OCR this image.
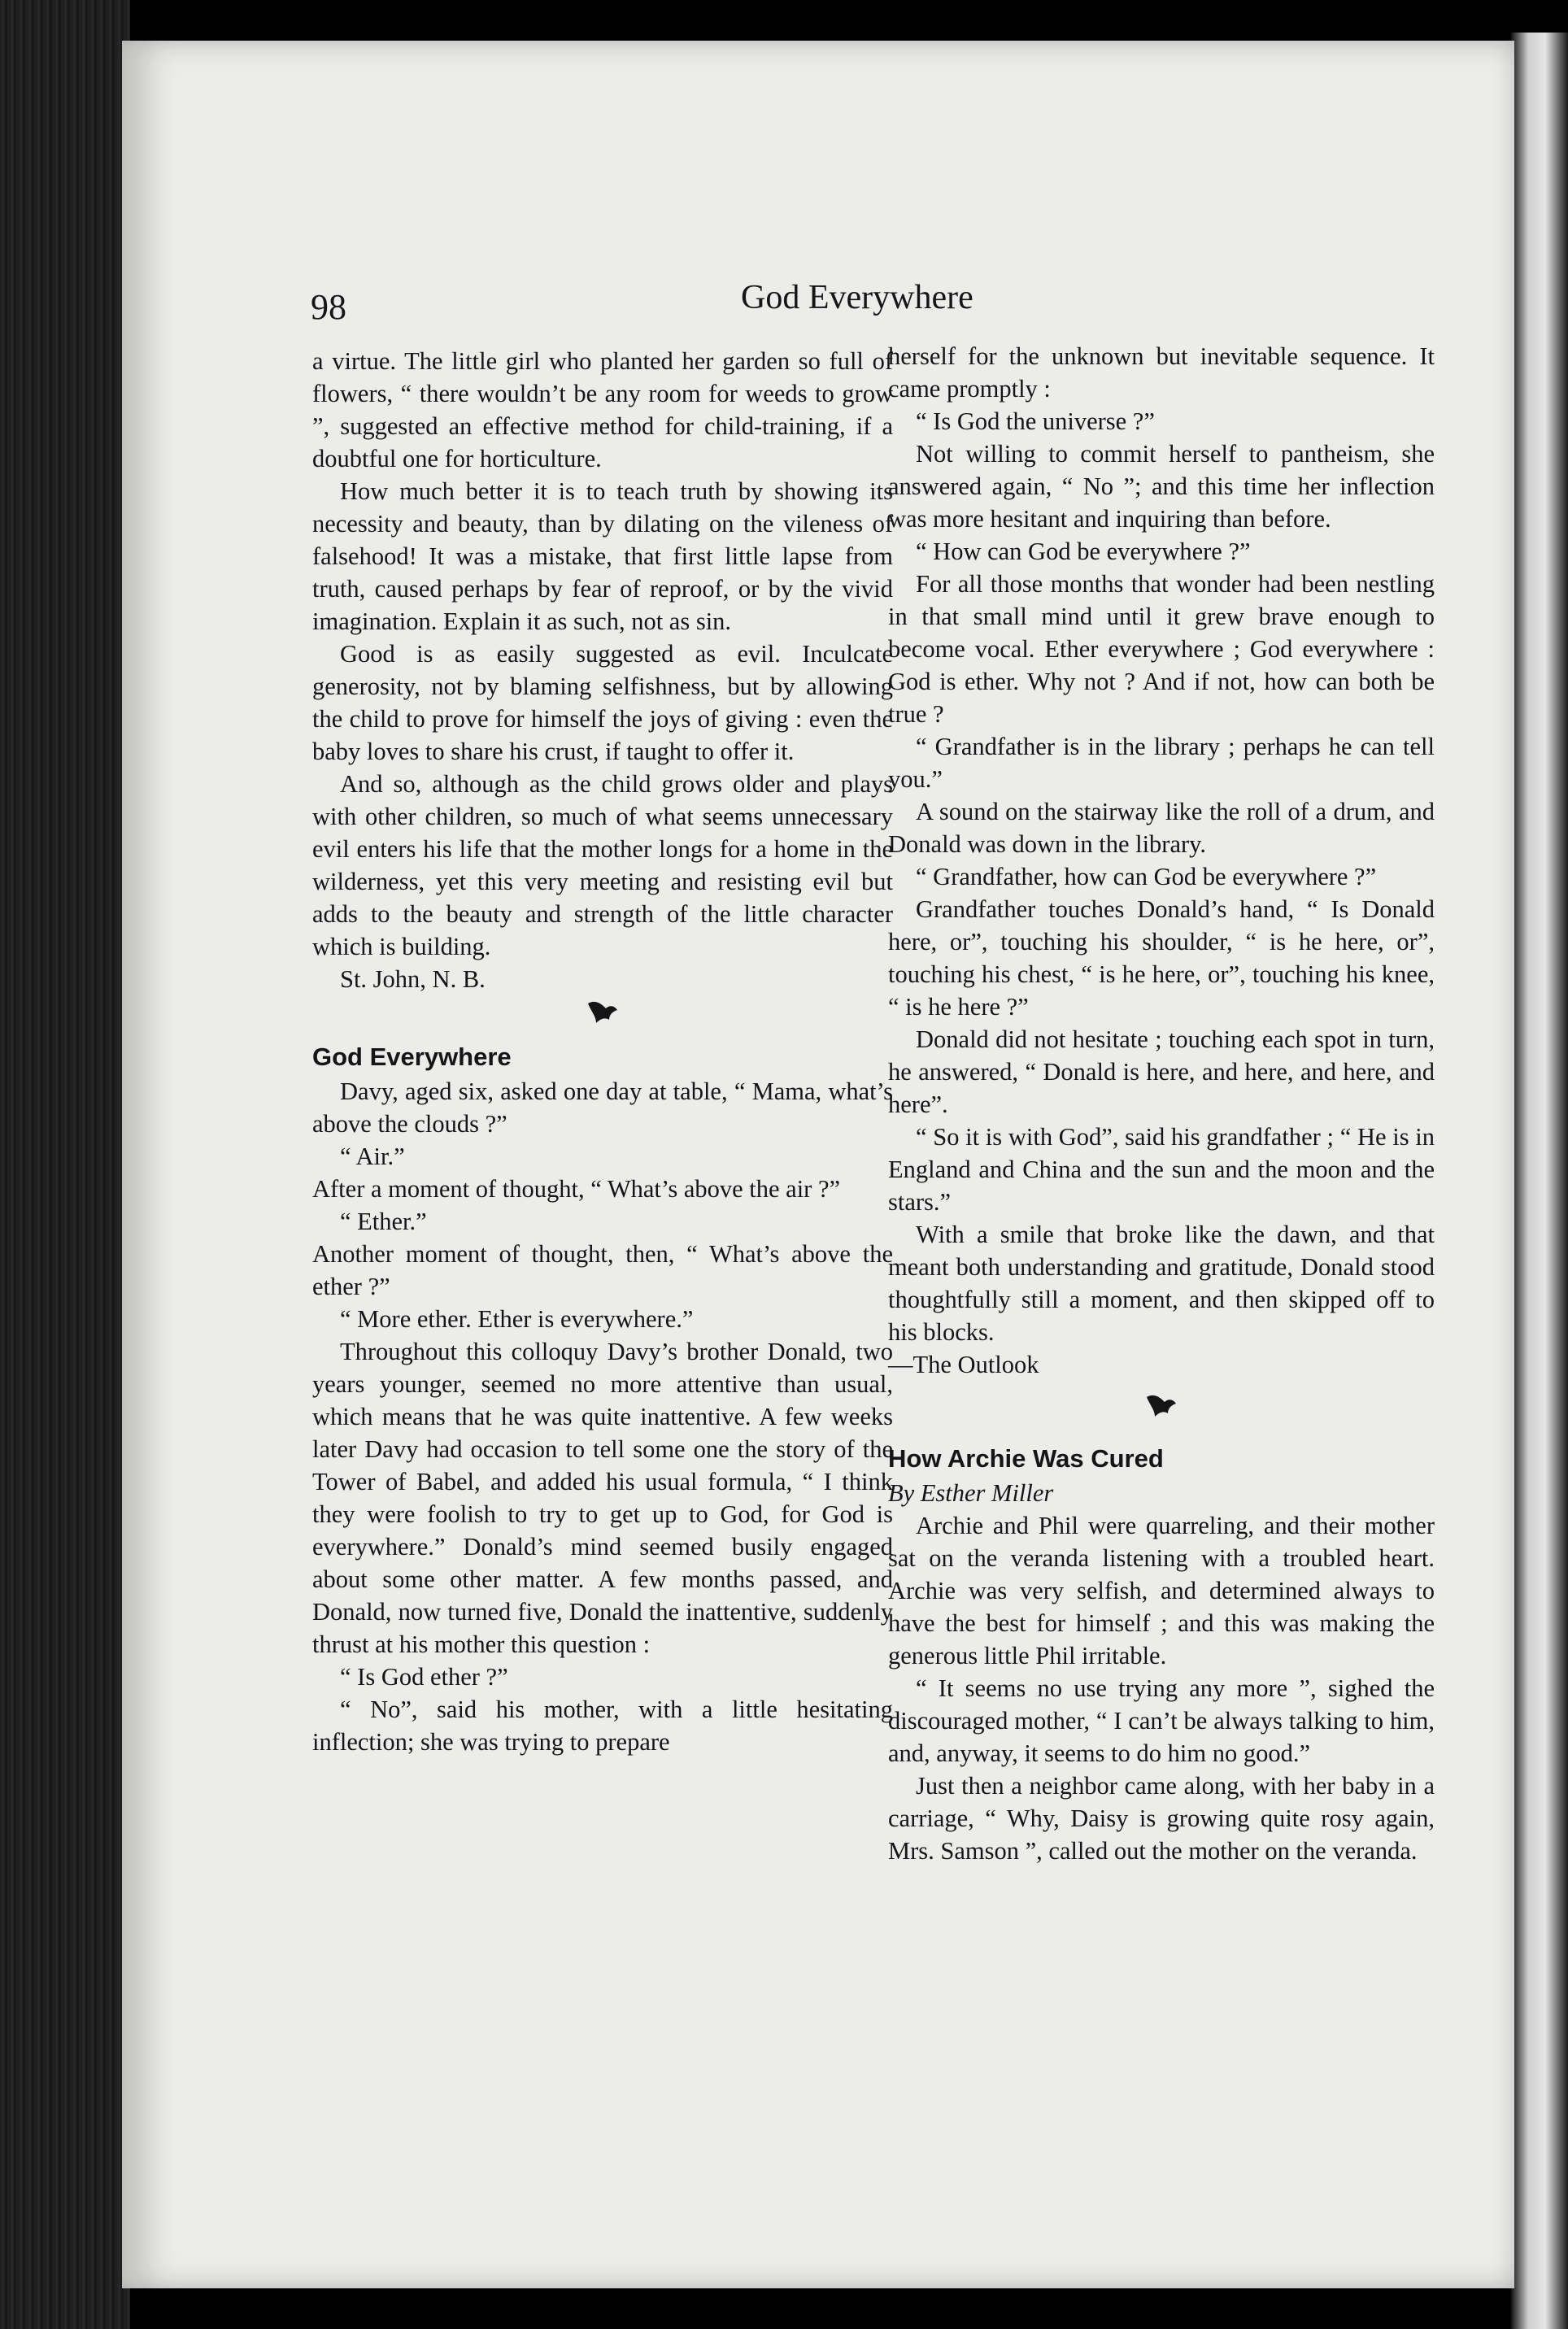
98	God Everywhere

a virtue. The little girl who planted her garden so full of flowers, “ there wouldn’t be any room for weeds to grow ”, suggested an effective method for child-training, if a doubtful one for horticulture.

How much better it is to teach truth by showing its necessity and beauty, than by dilating on the vileness of falsehood! It was a mistake, that first little lapse from truth, caused perhaps by fear of reproof, or by the vivid imagination. Explain it as such, not as sin.

Good is as easily suggested as evil. Inculcate generosity, not by blaming selfishness, but by allowing the child to prove for himself the joys of giving : even the baby loves to share his crust, if taught to offer it.

And so, although as the child grows older and plays with other children, so much of what seems unnecessary evil enters his life that the mother longs for a home in the wilderness, yet this very meeting and resisting evil but adds to the beauty and strength of the little character which is building.

St. John, N. B.

God Everywhere

Davy, aged six, asked one day at table, “ Mama, what’s above the clouds ?”

“ Air.”

After a moment of thought, “ What’s above the air ?”

“ Ether.”

Another moment of thought, then, “ What’s above the ether ?”

“ More ether. Ether is everywhere.”

Throughout this colloquy Davy’s brother Donald, two years younger, seemed no more attentive than usual, which means that he was quite inattentive. A few weeks later Davy had occasion to tell some one the story of the Tower of Babel, and added his usual formula, “ I think they were foolish to try to get up to God, for God is everywhere.” Donald’s mind seemed busily engaged about some other matter. A few months passed, and Donald, now turned five, Donald the inattentive, suddenly thrust at his mother this question :

“ Is God ether ?”

“ No”, said his mother, with a little hesitating inflection; she was trying to prepare

herself for the unknown but inevitable sequence. It came promptly :

“ Is God the universe ?”

Not willing to commit herself to pantheism, she answered again, “ No ”; and this time her inflection was more hesitant and inquiring than before.

“ How can God be everywhere ?”

For all those months that wonder had been nestling in that small mind until it grew brave enough to become vocal. Ether everywhere ; God everywhere : God is ether. Why not ? And if not, how can both be true ?

“ Grandfather is in the library ; perhaps he can tell you.”

A sound on the stairway like the roll of a drum, and Donald was down in the library.

“ Grandfather, how can God be everywhere ?”

Grandfather touches Donald’s hand, “ Is Donald here, or”, touching his shoulder, “ is he here, or”, touching his chest, “ is he here, or”, touching his knee, “ is he here ?”

Donald did not hesitate ; touching each spot in turn, he answered, “ Donald is here, and here, and here, and here”.

“ So it is with God”, said his grandfather ; “ He is in England and China and the sun and the moon and the stars.”

With a smile that broke like the dawn, and that meant both understanding and gratitude, Donald stood thoughtfully still a moment, and then skipped off to his blocks.

—The Outlook

How Archie Was Cured

By Esther Miller

Archie and Phil were quarreling, and their mother sat on the veranda listening with a troubled heart. Archie was very selfish, and determined always to have the best for himself ; and this was making the generous little Phil irritable.

“ It seems no use trying any more ”, sighed the discouraged mother, “ I can’t be always talking to him, and, anyway, it seems to do him no good.”

Just then a neighbor came along, with her baby in a carriage, “ Why, Daisy is growing quite rosy again, Mrs. Samson ”, called out the mother on the veranda.
